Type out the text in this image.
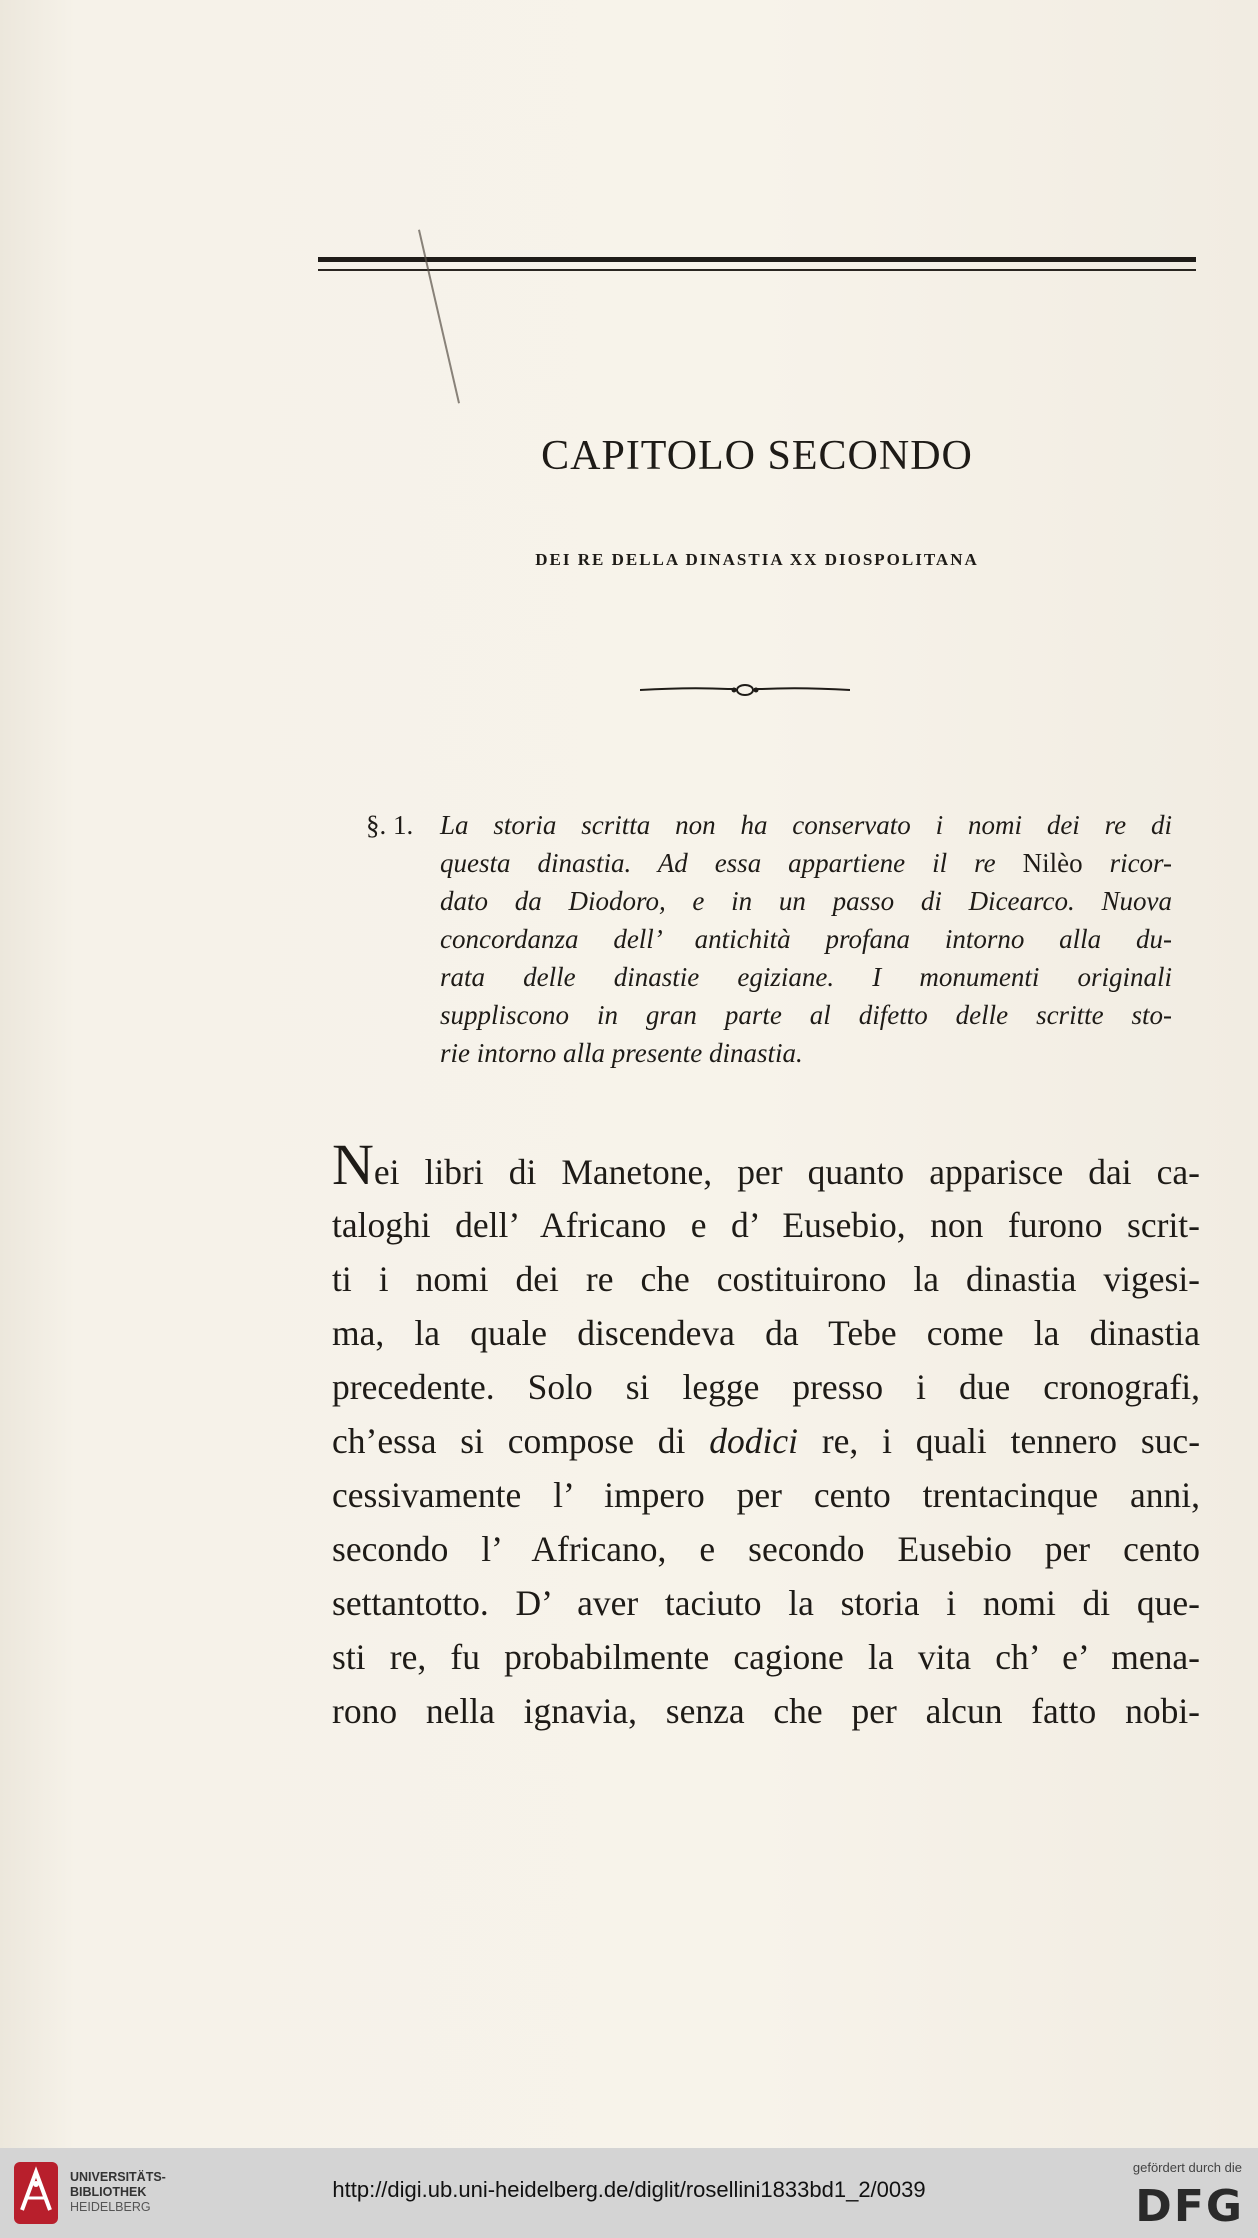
CAPITOLO SECONDO
DEI RE DELLA DINASTIA XX DIOSPOLITANA
§. 1. La storia scritta non ha conservato i nomi dei re di
questa dinastia. Ad essa appartiene il re Nilèo ricor-
dato da Diodoro, e in un passo di Dicearco. Nuova
concordanza dell’ antichità profana intorno alla du-
rata delle dinastie egiziane. I monumenti originali
suppliscono in gran parte al difetto delle scritte sto-
rie intorno alla presente dinastia.
Nei libri di Manetone, per quanto apparisce dai ca-
taloghi dell’ Africano e d’ Eusebio, non furono scrit-
ti i nomi dei re che costituirono la dinastia vigesi-
ma, la quale discendeva da Tebe come la dinastia
precedente. Solo si legge presso i due cronografi,
ch’essa si compose di dodici re, i quali tennero suc-
cessivamente l’ impero per cento trentacinque anni,
secondo l’ Africano, e secondo Eusebio per cento
settantotto. D’ aver taciuto la storia i nomi di que-
sti re, fu probabilmente cagione la vita ch’ e’ mena-
rono nella ignavia, senza che per alcun fatto nobi-
UNIVERSITÄTS-
BIBLIOTHEK
HEIDELBERG
http://digi.ub.uni-heidelberg.de/diglit/rosellini1833bd1_2/0039
gefördert durch die
DFG
